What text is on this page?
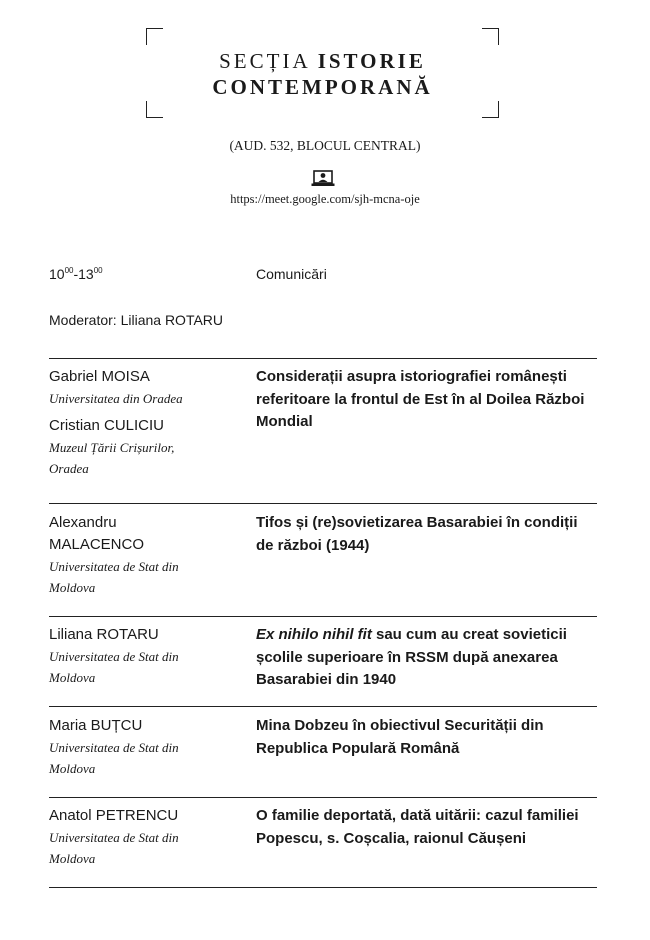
SECȚIA ISTORIE
CONTEMPORANĂ
(AUD. 532, BLOCUL CENTRAL)
https://meet.google.com/sjh-mcna-oje
$10^{00}-13^{00}$	Comunicări
Moderator: Liliana ROTARU
Gabriel MOISA
Universitatea din Oradea
Cristian CULICIU
Muzeul Țării Crișurilor, Oradea
Considerații asupra istoriografiei românești referitoare la frontul de Est în al Doilea Război Mondial
Alexandru MALACENCO
Universitatea de Stat din Moldova
Tifos și (re)sovietizarea Basarabiei în condiții de război (1944)
Liliana ROTARU
Universitatea de Stat din Moldova
Ex nihilo nihil fit sau cum au creat sovieticii școlile superioare în RSSM după anexarea Basarabiei din 1940
Maria BUȚCU
Universitatea de Stat din Moldova
Mina Dobzeu în obiectivul Securității din Republica Populară Română
Anatol PETRENCU
Universitatea de Stat din Moldova
O familie deportată, dată uitării: cazul familiei Popescu, s. Coșcalia, raionul Căușeni
